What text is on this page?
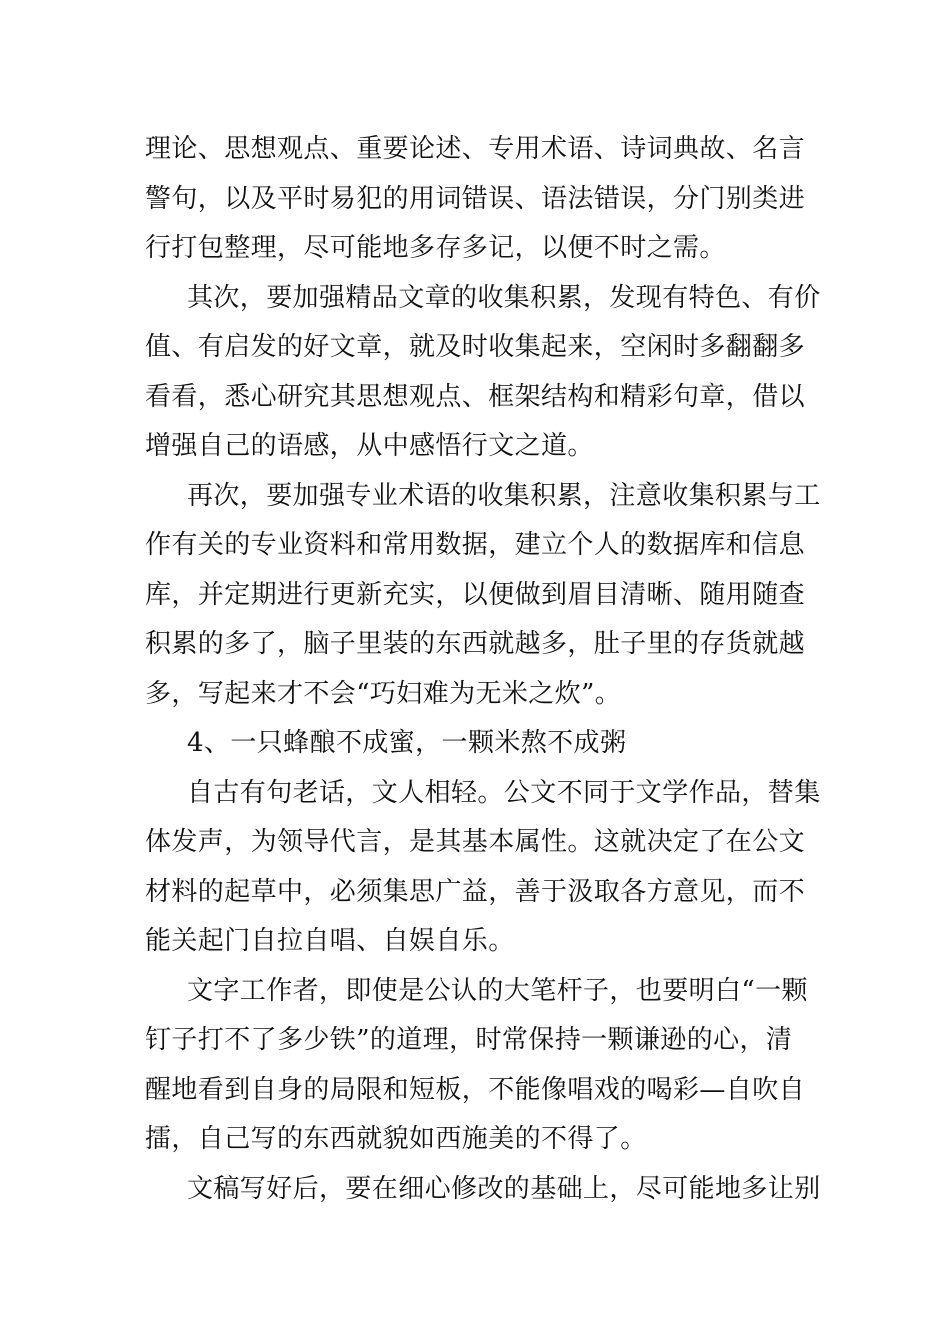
理论、思想观点、重要论述、专用术语、诗词典故、名言
警句，以及平时易犯的用词错误、语法错误，分门别类进
行打包整理，尽可能地多存多记，以便不时之需。
其次，要加强精品文章的收集积累，发现有特色、有价
值、有启发的好文章，就及时收集起来，空闲时多翻翻多
看看，悉心研究其思想观点、框架结构和精彩句章，借以
增强自己的语感，从中感悟行文之道。
再次，要加强专业术语的收集积累，注意收集积累与工
作有关的专业资料和常用数据，建立个人的数据库和信息
库，并定期进行更新充实，以便做到眉目清晰、随用随查
积累的多了，脑子里装的东西就越多，肚子里的存货就越
多，写起来才不会“巧妇难为无米之炊”。
4、一只蜂酿不成蜜，一颗米熬不成粥
自古有句老话，文人相轻。公文不同于文学作品，替集
体发声，为领导代言，是其基本属性。这就决定了在公文
材料的起草中，必须集思广益，善于汲取各方意见，而不
能关起门自拉自唱、自娱自乐。
文字工作者，即使是公认的大笔杆子，也要明白“一颗
钉子打不了多少铁”的道理，时常保持一颗谦逊的心，清
醒地看到自身的局限和短板，不能像唱戏的喝彩—自吹自
擂，自己写的东西就貌如西施美的不得了。
文稿写好后，要在细心修改的基础上，尽可能地多让别
